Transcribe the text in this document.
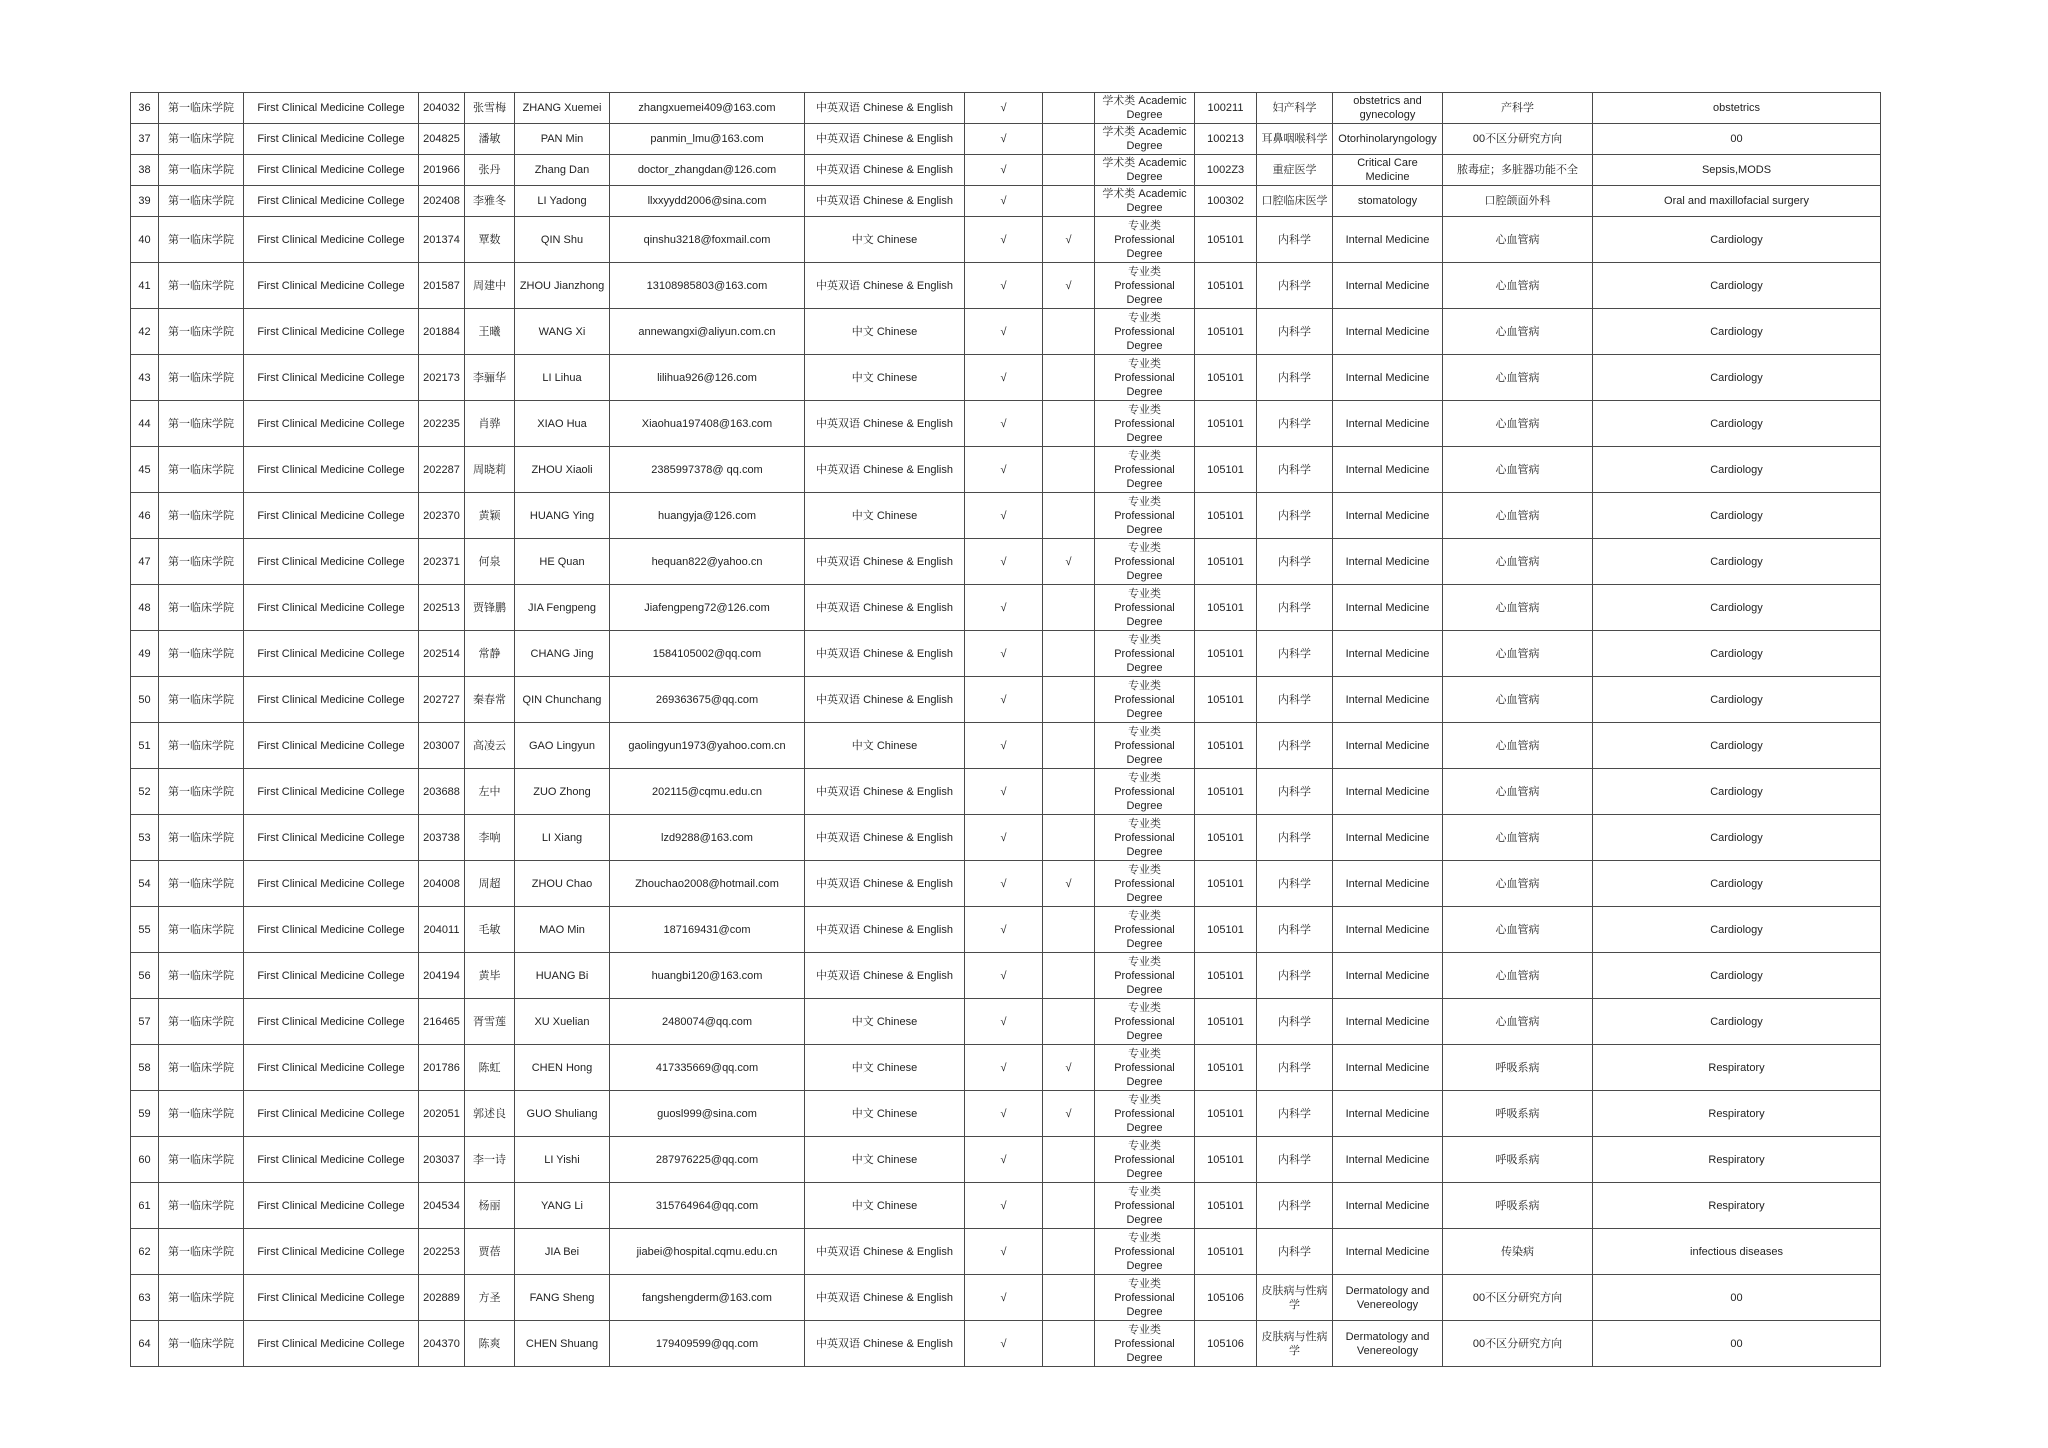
36	第一临床学院	First Clinical Medicine College	204032	张雪梅	ZHANG Xuemei	zhangxuemei409@163.com	中英双语 Chinese & English	√		学术类 Academic Degree	100211	妇产科学	obstetrics and gynecology	产科学	obstetrics
37	第一临床学院	First Clinical Medicine College	204825	潘敏	PAN Min	panmin_lmu@163.com	中英双语 Chinese & English	√		学术类 Academic Degree	100213	耳鼻咽喉科学	Otorhinolaryngology	00不区分研究方向	00
38	第一临床学院	First Clinical Medicine College	201966	张丹	Zhang Dan	doctor_zhangdan@126.com	中英双语 Chinese & English	√		学术类 Academic Degree	1002Z3	重症医学	Critical Care Medicine	脓毒症；多脏器功能不全	Sepsis,MODS
39	第一临床学院	First Clinical Medicine College	202408	李雅冬	LI Yadong	llxxyydd2006@sina.com	中英双语 Chinese & English	√		学术类 Academic Degree	100302	口腔临床医学	stomatology	口腔颌面外科	Oral and maxillofacial surgery
40	第一临床学院	First Clinical Medicine College	201374	覃数	QIN Shu	qinshu3218@foxmail.com	中文 Chinese	√	√	专业类 Professional Degree	105101	内科学	Internal Medicine	心血管病	Cardiology
41	第一临床学院	First Clinical Medicine College	201587	周建中	ZHOU Jianzhong	13108985803@163.com	中英双语 Chinese & English	√	√	专业类 Professional Degree	105101	内科学	Internal Medicine	心血管病	Cardiology
42	第一临床学院	First Clinical Medicine College	201884	王曦	WANG Xi	annewangxi@aliyun.com.cn	中文 Chinese	√		专业类 Professional Degree	105101	内科学	Internal Medicine	心血管病	Cardiology
43	第一临床学院	First Clinical Medicine College	202173	李骊华	LI Lihua	lilihua926@126.com	中文 Chinese	√		专业类 Professional Degree	105101	内科学	Internal Medicine	心血管病	Cardiology
44	第一临床学院	First Clinical Medicine College	202235	肖骅	XIAO Hua	Xiaohua197408@163.com	中英双语 Chinese & English	√		专业类 Professional Degree	105101	内科学	Internal Medicine	心血管病	Cardiology
45	第一临床学院	First Clinical Medicine College	202287	周晓莉	ZHOU Xiaoli	2385997378@ qq.com	中英双语 Chinese & English	√		专业类 Professional Degree	105101	内科学	Internal Medicine	心血管病	Cardiology
46	第一临床学院	First Clinical Medicine College	202370	黄颖	HUANG Ying	huangyja@126.com	中文 Chinese	√		专业类 Professional Degree	105101	内科学	Internal Medicine	心血管病	Cardiology
47	第一临床学院	First Clinical Medicine College	202371	何泉	HE Quan	hequan822@yahoo.cn	中英双语 Chinese & English	√	√	专业类 Professional Degree	105101	内科学	Internal Medicine	心血管病	Cardiology
48	第一临床学院	First Clinical Medicine College	202513	贾锋鹏	JIA Fengpeng	Jiafengpeng72@126.com	中英双语 Chinese & English	√		专业类 Professional Degree	105101	内科学	Internal Medicine	心血管病	Cardiology
49	第一临床学院	First Clinical Medicine College	202514	常静	CHANG Jing	1584105002@qq.com	中英双语 Chinese & English	√		专业类 Professional Degree	105101	内科学	Internal Medicine	心血管病	Cardiology
50	第一临床学院	First Clinical Medicine College	202727	秦春常	QIN Chunchang	269363675@qq.com	中英双语 Chinese & English	√		专业类 Professional Degree	105101	内科学	Internal Medicine	心血管病	Cardiology
51	第一临床学院	First Clinical Medicine College	203007	高凌云	GAO Lingyun	gaolingyun1973@yahoo.com.cn	中文 Chinese	√		专业类 Professional Degree	105101	内科学	Internal Medicine	心血管病	Cardiology
52	第一临床学院	First Clinical Medicine College	203688	左中	ZUO Zhong	202115@cqmu.edu.cn	中英双语 Chinese & English	√		专业类 Professional Degree	105101	内科学	Internal Medicine	心血管病	Cardiology
53	第一临床学院	First Clinical Medicine College	203738	李响	LI Xiang	lzd9288@163.com	中英双语 Chinese & English	√		专业类 Professional Degree	105101	内科学	Internal Medicine	心血管病	Cardiology
54	第一临床学院	First Clinical Medicine College	204008	周超	ZHOU Chao	Zhouchao2008@hotmail.com	中英双语 Chinese & English	√	√	专业类 Professional Degree	105101	内科学	Internal Medicine	心血管病	Cardiology
55	第一临床学院	First Clinical Medicine College	204011	毛敏	MAO Min	187169431@com	中英双语 Chinese & English	√		专业类 Professional Degree	105101	内科学	Internal Medicine	心血管病	Cardiology
56	第一临床学院	First Clinical Medicine College	204194	黄毕	HUANG Bi	huangbi120@163.com	中英双语 Chinese & English	√		专业类 Professional Degree	105101	内科学	Internal Medicine	心血管病	Cardiology
57	第一临床学院	First Clinical Medicine College	216465	胥雪莲	XU Xuelian	2480074@qq.com	中文 Chinese	√		专业类 Professional Degree	105101	内科学	Internal Medicine	心血管病	Cardiology
58	第一临床学院	First Clinical Medicine College	201786	陈虹	CHEN Hong	417335669@qq.com	中文 Chinese	√	√	专业类 Professional Degree	105101	内科学	Internal Medicine	呼吸系病	Respiratory
59	第一临床学院	First Clinical Medicine College	202051	郭述良	GUO Shuliang	guosl999@sina.com	中文 Chinese	√	√	专业类 Professional Degree	105101	内科学	Internal Medicine	呼吸系病	Respiratory
60	第一临床学院	First Clinical Medicine College	203037	李一诗	LI Yishi	287976225@qq.com	中文 Chinese	√		专业类 Professional Degree	105101	内科学	Internal Medicine	呼吸系病	Respiratory
61	第一临床学院	First Clinical Medicine College	204534	杨丽	YANG Li	315764964@qq.com	中文 Chinese	√		专业类 Professional Degree	105101	内科学	Internal Medicine	呼吸系病	Respiratory
62	第一临床学院	First Clinical Medicine College	202253	贾蓓	JIA Bei	jiabei@hospital.cqmu.edu.cn	中英双语 Chinese & English	√		专业类 Professional Degree	105101	内科学	Internal Medicine	传染病	infectious diseases
63	第一临床学院	First Clinical Medicine College	202889	方圣	FANG Sheng	fangshengderm@163.com	中英双语 Chinese & English	√		专业类 Professional Degree	105106	皮肤病与性病学	Dermatology and Venereology	00不区分研究方向	00
64	第一临床学院	First Clinical Medicine College	204370	陈爽	CHEN Shuang	179409599@qq.com	中英双语 Chinese & English	√		专业类 Professional Degree	105106	皮肤病与性病学	Dermatology and Venereology	00不区分研究方向	00
